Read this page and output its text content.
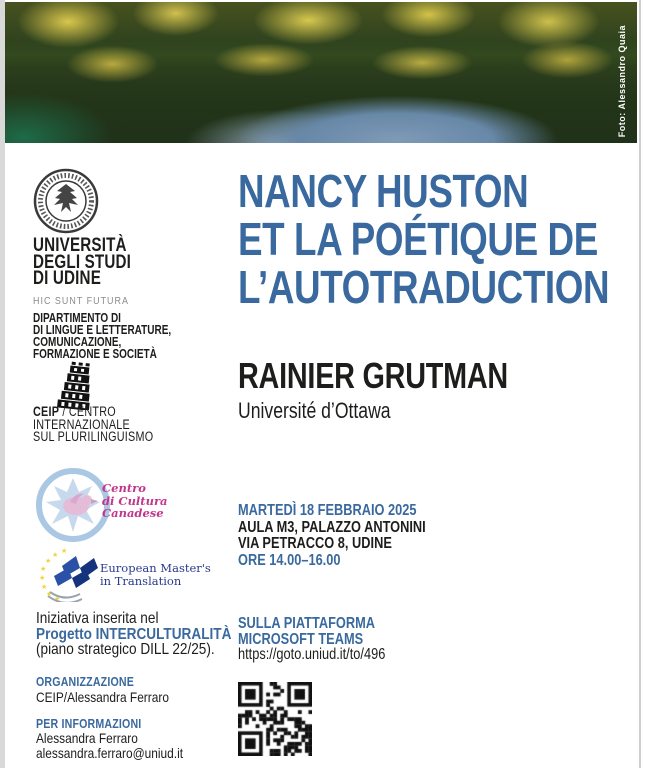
Foto: Alessandro Quaia
UNIVERSITÀ
DEGLI STUDI
DI UDINE
HIC SUNT FUTURA
DIPARTIMENTO DI
DI LINGUE E LETTERATURE,
COMUNICAZIONE,
FORMAZIONE E SOCIETÀ
CEIP / CENTRO
INTERNAZIONALE
SUL PLURILINGUISMO
Centro
di Cultura
Canadese
★
★
★
★
★
★
★
★
European Master's
in Translation
Iniziativa inserita nel
Progetto INTERCULTURALITÀ
(piano strategico DILL 22/25).
ORGANIZZAZIONE
CEIP/Alessandra Ferraro
PER INFORMAZIONI
Alessandra Ferraro
alessandra.ferraro@uniud.it
NANCY HUSTON
ET LA POÉTIQUE DE
L’AUTOTRADUCTION
RAINIER GRUTMAN
Université d’Ottawa
MARTEDÌ 18 FEBBRAIO 2025
AULA M3, PALAZZO ANTONINI
VIA PETRACCO 8, UDINE
ORE 14.00–16.00
SULLA PIATTAFORMA
MICROSOFT TEAMS
https://goto.uniud.it/to/496
